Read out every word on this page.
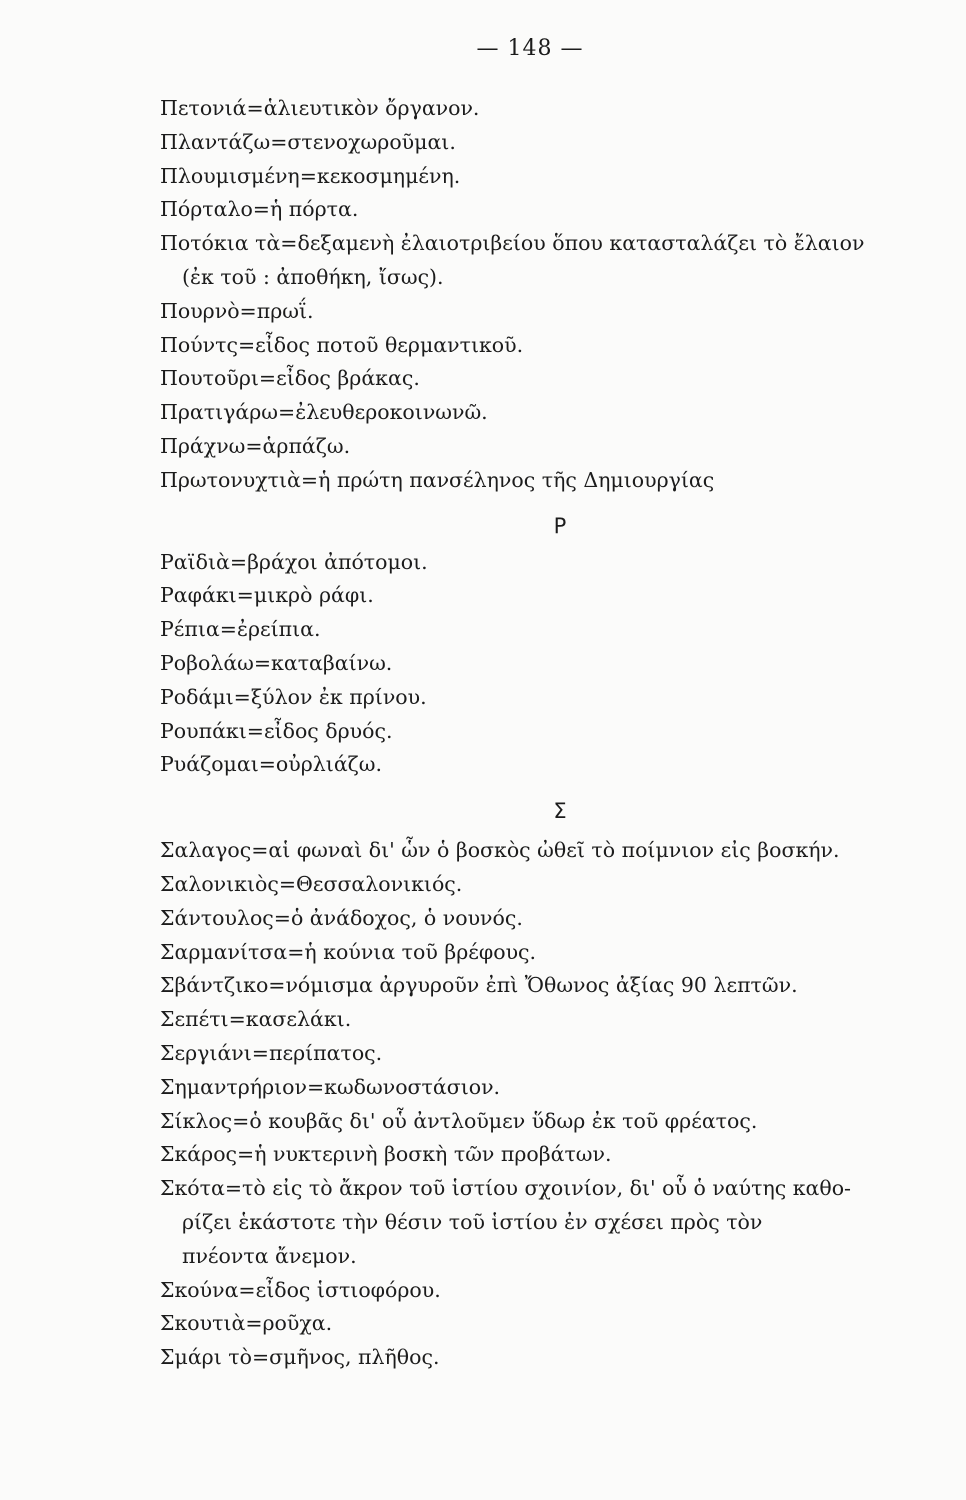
— 148 —
Πετονιά=ἁλιευτικὸν ὄργανον.
Πλαντάζω=στενοχωροῦμαι.
Πλουμισμένη=κεκοσμημένη.
Πόρταλο=ἡ πόρτα.
Ποτόκια τὰ=δεξαμενὴ ἐλαιοτριβείου ὅπου κατασταλάζει τὸ ἔλαιον
(ἐκ τοῦ : ἀποθήκη, ἴσως).
Πουρνὸ=πρωΐ.
Πούντς=εἶδος ποτοῦ θερμαντικοῦ.
Πουτοῦρι=εἶδος βράκας.
Πρατιγάρω=ἐλευθεροκοινωνῶ.
Πράχνω=ἁρπάζω.
Πρωτονυχτιὰ=ἡ πρώτη πανσέληνος τῆς Δημιουργίας
Ρ
Ραϊδιὰ=βράχοι ἀπότομοι.
Ραφάκι=μικρὸ ράφι.
Ρέπια=ἐρείπια.
Ροβολάω=καταβαίνω.
Ροδάμι=ξύλον ἐκ πρίνου.
Ρουπάκι=εἶδος δρυός.
Ρυάζομαι=οὐρλιάζω.
Σ
Σαλαγος=αἱ φωναὶ δι' ὧν ὁ βοσκὸς ὠθεῖ τὸ ποίμνιον εἰς βοσκήν.
Σαλονικιὸς=Θεσσαλονικιός.
Σάντουλος=ὁ ἀνάδοχος, ὁ νουνός.
Σαρμανίτσα=ἡ κούνια τοῦ βρέφους.
Σβάντζικο=νόμισμα ἀργυροῦν ἐπὶ Ὄθωνος ἀξίας 90 λεπτῶν.
Σεπέτι=κασελάκι.
Σεργιάνι=περίπατος.
Σημαντρήριον=κωδωνοστάσιον.
Σίκλος=ὁ κουβᾶς δι' οὗ ἀντλοῦμεν ὕδωρ ἐκ τοῦ φρέατος.
Σκάρος=ἡ νυκτερινὴ βοσκὴ τῶν προβάτων.
Σκότα=τὸ εἰς τὸ ἄκρον τοῦ ἱστίου σχοινίον, δι' οὗ ὁ ναύτης καθο-
ρίζει ἑκάστοτε τὴν θέσιν τοῦ ἱστίου ἐν σχέσει πρὸς τὸν
πνέοντα ἄνεμον.
Σκούνα=εἶδος ἱστιοφόρου.
Σκουτιὰ=ροῦχα.
Σμάρι τὸ=σμῆνος, πλῆθος.
